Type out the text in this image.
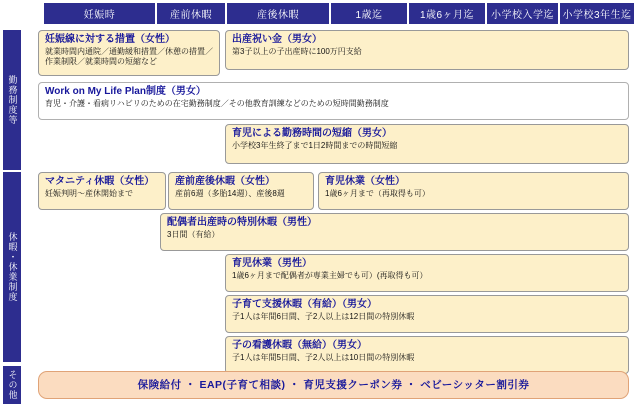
妊娠時	産前休暇	産後休暇	1歳迄	1歳6ヶ月迄 小学校入学迄 小学校3年生迄
勤務制度等
休暇・休業制度
その他

妊娠線に対する措置（女性）

就業時間内通院／通勤緩和措置／休憩の措置／作業制限／就業時間の短縮など

出産祝い金（男女）

第3子以上の子出産時に100万円支給

Work on My Life Plan制度（男女）

育児・介護・看病リハビリのための在宅勤務制度／その他教育訓練などのための短時間勤務制度

育児による勤務時間の短縮（男女）

小学校3年生終了まで1日2時間までの時間短縮

マタニティ休暇（女性）

妊娠判明～産休開始まで

産前産後休暇（女性）

産前6週（多胎14週）、産後8週

育児休業（女性）

1歳6ヶ月まで（再取得も可）

配偶者出産時の特別休暇（男性）

3日間（有給）

育児休業（男性）

1歳6ヶ月まで配偶者が専業主婦でも可）(再取得も可）

子育て支援休暇（有給）（男女）

子1人は年間6日間、子2人以上は12日間の特別休暇

子の看護休暇（無給）（男女）

子1人は年間5日間、子2人以上は10日間の特別休暇

保険給付 ・ EAP(子育て相談) ・ 育児支援クーポン券 ・ ベビーシッター割引券
